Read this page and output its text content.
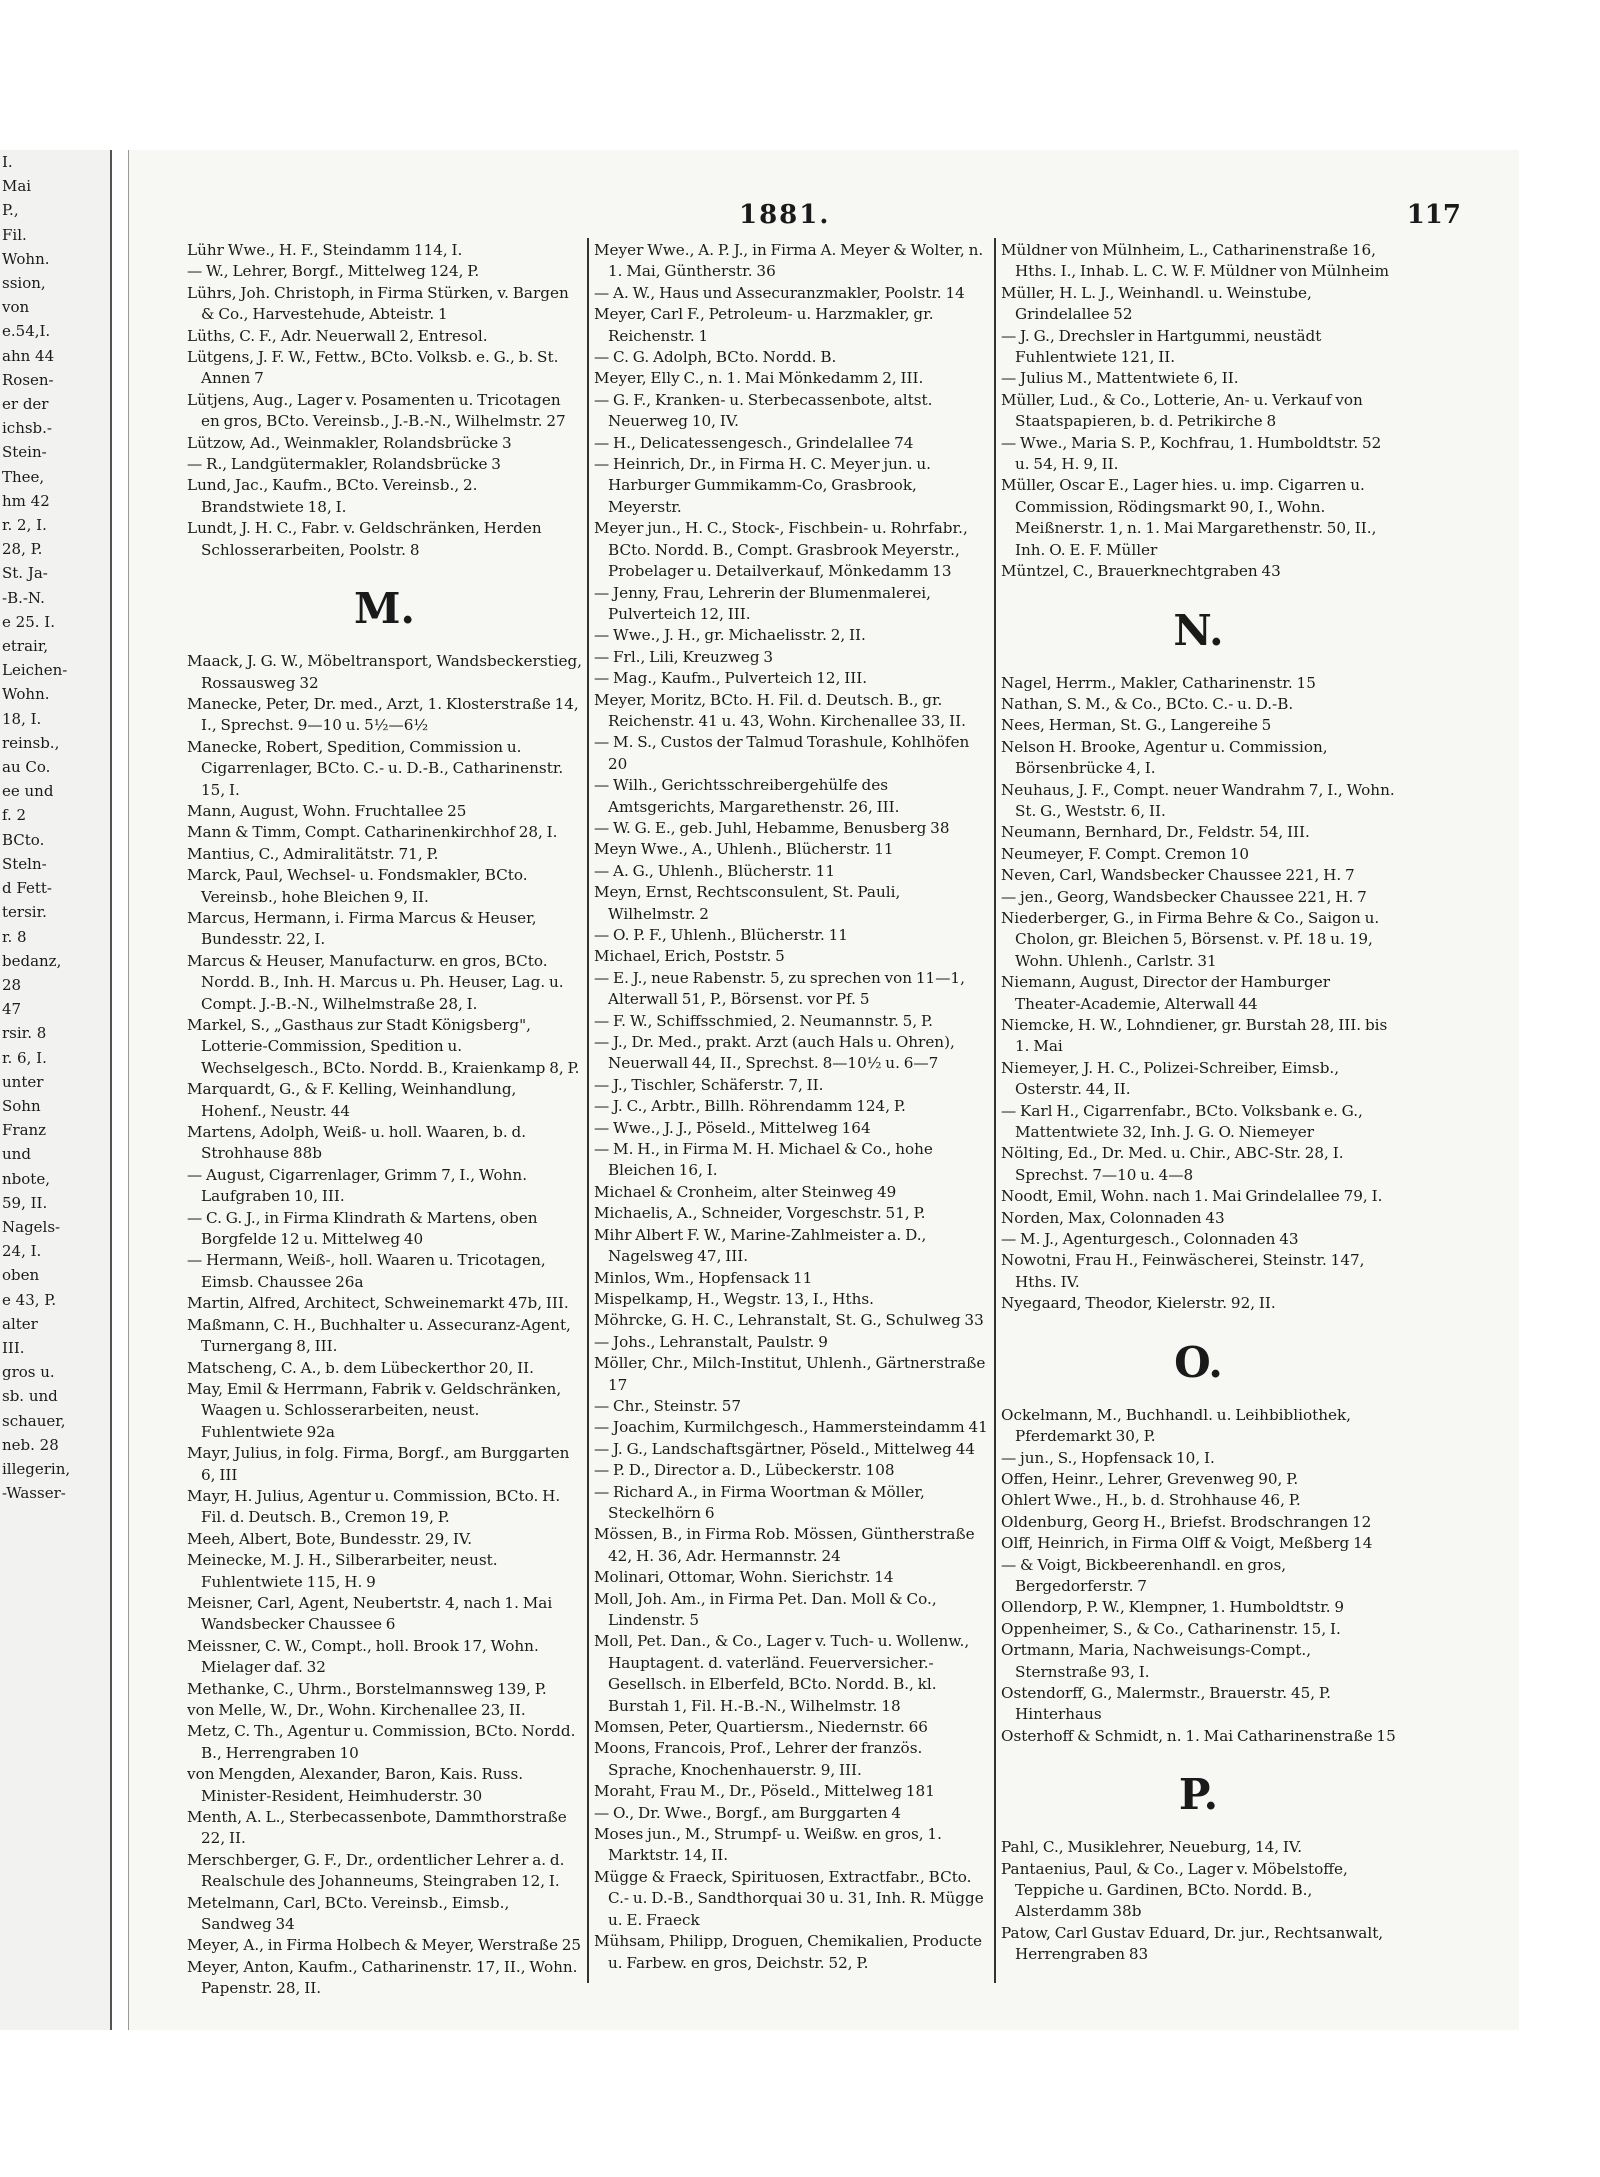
I.
Mai
P.,
Fil.
Wohn.
ssion,
von
e.54,I.
ahn 44
Rosen-
er der
ichsb.-
Stein-
Thee,
hm 42
r. 2, I.
28, P.
St. Ja-
-B.-N.
e 25. I.
etrair,
Leichen-
Wohn.
18, I.
reinsb.,
au Co.
ee und
f. 2
BCto.
Steln-
d Fett-
tersir.
r. 8
bedanz,
28
47
rsir. 8
r. 6, I.
unter
Sohn
Franz
und
nbote,
59, II.
Nagels-
24, I.
oben
e 43, P.
alter
III.
gros u.
sb. und
schauer,
neb. 28
illegerin,
-Wasser-
1881.	117

Lühr Wwe., H. F., Steindamm 114, I.

— W., Lehrer, Borgf., Mittelweg 124, P.

Lührs, Joh. Christoph, in Firma Stürken, v. Bargen & Co., Harvestehude, Abteistr. 1

Lüths, C. F., Adr. Neuerwall 2, Entresol.

Lütgens, J. F. W., Fettw., BCto. Volksb. e. G., b. St. Annen 7

Lütjens, Aug., Lager v. Posamenten u. Tricotagen en gros, BCto. Vereinsb., J.-B.-N., Wilhelmstr. 27

Lützow, Ad., Weinmakler, Rolandsbrücke 3

— R., Landgütermakler, Rolandsbrücke 3

Lund, Jac., Kaufm., BCto. Vereinsb., 2. Brandstwiete 18, I.

Lundt, J. H. C., Fabr. v. Geldschränken, Herden Schlosserarbeiten, Poolstr. 8

M.

Maack, J. G. W., Möbeltransport, Wandsbeckerstieg, Rossausweg 32

Manecke, Peter, Dr. med., Arzt, 1. Klosterstraße 14, I., Sprechst. 9—10 u. 5½—6½

Manecke, Robert, Spedition, Commission u. Cigarrenlager, BCto. C.- u. D.-B., Catharinenstr. 15, I.

Mann, August, Wohn. Fruchtallee 25

Mann & Timm, Compt. Catharinenkirchhof 28, I.

Mantius, C., Admiralitätstr. 71, P.

Marck, Paul, Wechsel- u. Fondsmakler, BCto. Vereinsb., hohe Bleichen 9, II.

Marcus, Hermann, i. Firma Marcus & Heuser, Bundesstr. 22, I.

Marcus & Heuser, Manufacturw. en gros, BCto. Nordd. B., Inh. H. Marcus u. Ph. Heuser, Lag. u. Compt. J.-B.-N., Wilhelmstraße 28, I.

Markel, S., „Gasthaus zur Stadt Königsberg", Lotterie-Commission, Spedition u. Wechselgesch., BCto. Nordd. B., Kraienkamp 8, P.

Marquardt, G., & F. Kelling, Weinhandlung, Hohenf., Neustr. 44

Martens, Adolph, Weiß- u. holl. Waaren, b. d. Strohhause 88b

— August, Cigarrenlager, Grimm 7, I., Wohn. Laufgraben 10, III.

— C. G. J., in Firma Klindrath & Martens, oben Borgfelde 12 u. Mittelweg 40

— Hermann, Weiß-, holl. Waaren u. Tricotagen, Eimsb. Chaussee 26a

Martin, Alfred, Architect, Schweinemarkt 47b, III.

Maßmann, C. H., Buchhalter u. Assecuranz-Agent, Turnergang 8, III.

Matscheng, C. A., b. dem Lübeckerthor 20, II.

May, Emil & Herrmann, Fabrik v. Geldschränken, Waagen u. Schlosserarbeiten, neust. Fuhlentwiete 92a

Mayr, Julius, in folg. Firma, Borgf., am Burggarten 6, III

Mayr, H. Julius, Agentur u. Commission, BCto. H. Fil. d. Deutsch. B., Cremon 19, P.

Meeh, Albert, Bote, Bundesstr. 29, IV.

Meinecke, M. J. H., Silberarbeiter, neust. Fuhlentwiete 115, H. 9

Meisner, Carl, Agent, Neubertstr. 4, nach 1. Mai Wandsbecker Chaussee 6

Meissner, C. W., Compt., holl. Brook 17, Wohn. Mielager daf. 32

Methanke, C., Uhrm., Borstelmannsweg 139, P.

von Melle, W., Dr., Wohn. Kirchenallee 23, II.

Metz, C. Th., Agentur u. Commission, BCto. Nordd. B., Herrengraben 10

von Mengden, Alexander, Baron, Kais. Russ. Minister-Resident, Heimhuderstr. 30

Menth, A. L., Sterbecassenbote, Dammthorstraße 22, II.

Merschberger, G. F., Dr., ordentlicher Lehrer a. d. Realschule des Johanneums, Steingraben 12, I.

Metelmann, Carl, BCto. Vereinsb., Eimsb., Sandweg 34

Meyer, A., in Firma Holbech & Meyer, Werstraße 25

Meyer, Anton, Kaufm., Catharinenstr. 17, II., Wohn. Papenstr. 28, II.

Meyer Wwe., A. P. J., in Firma A. Meyer & Wolter, n. 1. Mai, Güntherstr. 36

— A. W., Haus und Assecuranzmakler, Poolstr. 14

Meyer, Carl F., Petroleum- u. Harzmakler, gr. Reichenstr. 1

— C. G. Adolph, BCto. Nordd. B.

Meyer, Elly C., n. 1. Mai Mönkedamm 2, III.

— G. F., Kranken- u. Sterbecassenbote, altst. Neuerweg 10, IV.

— H., Delicatessengesch., Grindelallee 74

— Heinrich, Dr., in Firma H. C. Meyer jun. u. Harburger Gummikamm-Co, Grasbrook, Meyerstr.

Meyer jun., H. C., Stock-, Fischbein- u. Rohrfabr., BCto. Nordd. B., Compt. Grasbrook Meyerstr., Probelager u. Detailverkauf, Mönkedamm 13

— Jenny, Frau, Lehrerin der Blumenmalerei, Pulverteich 12, III.

— Wwe., J. H., gr. Michaelisstr. 2, II.

— Frl., Lili, Kreuzweg 3

— Mag., Kaufm., Pulverteich 12, III.

Meyer, Moritz, BCto. H. Fil. d. Deutsch. B., gr. Reichenstr. 41 u. 43, Wohn. Kirchenallee 33, II.

— M. S., Custos der Talmud Torashule, Kohlhöfen 20

— Wilh., Gerichtsschreibergehülfe des Amtsgerichts, Margarethenstr. 26, III.

— W. G. E., geb. Juhl, Hebamme, Benusberg 38

Meyn Wwe., A., Uhlenh., Blücherstr. 11

— A. G., Uhlenh., Blücherstr. 11

Meyn, Ernst, Rechtsconsulent, St. Pauli, Wilhelmstr. 2

— O. P. F., Uhlenh., Blücherstr. 11

Michael, Erich, Poststr. 5

— E. J., neue Rabenstr. 5, zu sprechen von 11—1, Alterwall 51, P., Börsenst. vor Pf. 5

— F. W., Schiffsschmied, 2. Neumannstr. 5, P.

— J., Dr. Med., prakt. Arzt (auch Hals u. Ohren), Neuerwall 44, II., Sprechst. 8—10½ u. 6—7

— J., Tischler, Schäferstr. 7, II.

— J. C., Arbtr., Billh. Röhrendamm 124, P.

— Wwe., J. J., Pöseld., Mittelweg 164

— M. H., in Firma M. H. Michael & Co., hohe Bleichen 16, I.

Michael & Cronheim, alter Steinweg 49

Michaelis, A., Schneider, Vorgeschstr. 51, P.

Mihr Albert F. W., Marine-Zahlmeister a. D., Nagelsweg 47, III.

Minlos, Wm., Hopfensack 11

Mispelkamp, H., Wegstr. 13, I., Hths.

Möhrcke, G. H. C., Lehranstalt, St. G., Schulweg 33

— Johs., Lehranstalt, Paulstr. 9

Möller, Chr., Milch-Institut, Uhlenh., Gärtnerstraße 17

— Chr., Steinstr. 57

— Joachim, Kurmilchgesch., Hammersteindamm 41

— J. G., Landschaftsgärtner, Pöseld., Mittelweg 44

— P. D., Director a. D., Lübeckerstr. 108

— Richard A., in Firma Woortman & Möller, Steckelhörn 6

Mössen, B., in Firma Rob. Mössen, Güntherstraße 42, H. 36, Adr. Hermannstr. 24

Molinari, Ottomar, Wohn. Sierichstr. 14

Moll, Joh. Am., in Firma Pet. Dan. Moll & Co., Lindenstr. 5

Moll, Pet. Dan., & Co., Lager v. Tuch- u. Wollenw., Hauptagent. d. vaterländ. Feuerversicher.-Gesellsch. in Elberfeld, BCto. Nordd. B., kl. Burstah 1, Fil. H.-B.-N., Wilhelmstr. 18

Momsen, Peter, Quartiersm., Niedernstr. 66

Moons, Francois, Prof., Lehrer der französ. Sprache, Knochenhauerstr. 9, III.

Moraht, Frau M., Dr., Pöseld., Mittelweg 181

— O., Dr. Wwe., Borgf., am Burggarten 4

Moses jun., M., Strumpf- u. Weißw. en gros, 1. Marktstr. 14, II.

Mügge & Fraeck, Spirituosen, Extractfabr., BCto. C.- u. D.-B., Sandthorquai 30 u. 31, Inh. R. Mügge u. E. Fraeck

Mühsam, Philipp, Droguen, Chemikalien, Producte u. Farbew. en gros, Deichstr. 52, P.

Müldner von Mülnheim, L., Catharinenstraße 16, Hths. I., Inhab. L. C. W. F. Müldner von Mülnheim

Müller, H. L. J., Weinhandl. u. Weinstube, Grindelallee 52

— J. G., Drechsler in Hartgummi, neustädt Fuhlentwiete 121, II.

— Julius M., Mattentwiete 6, II.

Müller, Lud., & Co., Lotterie, An- u. Verkauf von Staatspapieren, b. d. Petrikirche 8

— Wwe., Maria S. P., Kochfrau, 1. Humboldtstr. 52 u. 54, H. 9, II.

Müller, Oscar E., Lager hies. u. imp. Cigarren u. Commission, Rödingsmarkt 90, I., Wohn. Meißnerstr. 1, n. 1. Mai Margarethenstr. 50, II., Inh. O. E. F. Müller

Müntzel, C., Brauerknechtgraben 43

N.

Nagel, Herrm., Makler, Catharinenstr. 15

Nathan, S. M., & Co., BCto. C.- u. D.-B.

Nees, Herman, St. G., Langereihe 5

Nelson H. Brooke, Agentur u. Commission, Börsenbrücke 4, I.

Neuhaus, J. F., Compt. neuer Wandrahm 7, I., Wohn. St. G., Weststr. 6, II.

Neumann, Bernhard, Dr., Feldstr. 54, III.

Neumeyer, F. Compt. Cremon 10

Neven, Carl, Wandsbecker Chaussee 221, H. 7

— jen., Georg, Wandsbecker Chaussee 221, H. 7

Niederberger, G., in Firma Behre & Co., Saigon u. Cholon, gr. Bleichen 5, Börsenst. v. Pf. 18 u. 19, Wohn. Uhlenh., Carlstr. 31

Niemann, August, Director der Hamburger Theater-Academie, Alterwall 44

Niemcke, H. W., Lohndiener, gr. Burstah 28, III. bis 1. Mai

Niemeyer, J. H. C., Polizei-Schreiber, Eimsb., Osterstr. 44, II.

— Karl H., Cigarrenfabr., BCto. Volksbank e. G., Mattentwiete 32, Inh. J. G. O. Niemeyer

Nölting, Ed., Dr. Med. u. Chir., ABC-Str. 28, I. Sprechst. 7—10 u. 4—8

Noodt, Emil, Wohn. nach 1. Mai Grindelallee 79, I.

Norden, Max, Colonnaden 43

— M. J., Agenturgesch., Colonnaden 43

Nowotni, Frau H., Feinwäscherei, Steinstr. 147, Hths. IV.

Nyegaard, Theodor, Kielerstr. 92, II.

O.

Ockelmann, M., Buchhandl. u. Leihbibliothek, Pferdemarkt 30, P.

— jun., S., Hopfensack 10, I.

Offen, Heinr., Lehrer, Grevenweg 90, P.

Ohlert Wwe., H., b. d. Strohhause 46, P.

Oldenburg, Georg H., Briefst. Brodschrangen 12

Olff, Heinrich, in Firma Olff & Voigt, Meßberg 14

— & Voigt, Bickbeerenhandl. en gros, Bergedorferstr. 7

Ollendorp, P. W., Klempner, 1. Humboldtstr. 9

Oppenheimer, S., & Co., Catharinenstr. 15, I.

Ortmann, Maria, Nachweisungs-Compt., Sternstraße 93, I.

Ostendorff, G., Malermstr., Brauerstr. 45, P. Hinterhaus

Osterhoff & Schmidt, n. 1. Mai Catharinenstraße 15

P.

Pahl, C., Musiklehrer, Neueburg, 14, IV.

Pantaenius, Paul, & Co., Lager v. Möbelstoffe, Teppiche u. Gardinen, BCto. Nordd. B., Alsterdamm 38b

Patow, Carl Gustav Eduard, Dr. jur., Rechtsanwalt, Herrengraben 83
